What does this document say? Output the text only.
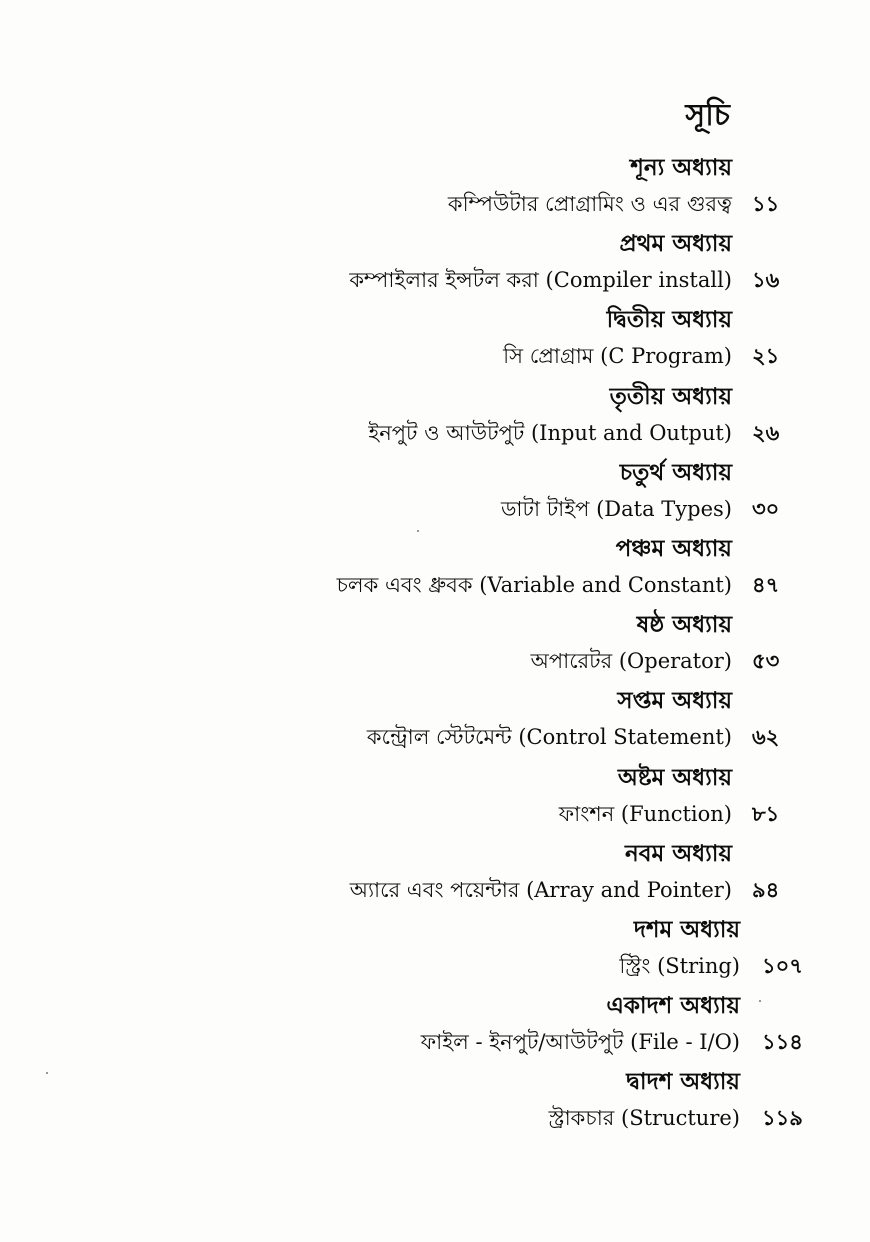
সূচি
শূন্য অধ্যায়
কম্পিউটার প্রোগ্রামিং ও এর গুরত্ব ১১
প্রথম অধ্যায়
কম্পাইলার ইন্সটল করা (Compiler install) ১৬
দ্বিতীয় অধ্যায়
সি প্রোগ্রাম (C Program) ২১
তৃতীয় অধ্যায়
ইনপুট ও আউটপুট (Input and Output) ২৬
চতুর্থ অধ্যায়
ডাটা টাইপ (Data Types) ৩০
পঞ্চম অধ্যায়
চলক এবং ধ্রুবক (Variable and Constant) ৪৭
ষষ্ঠ অধ্যায়
অপারেটর (Operator) ৫৩
সপ্তম অধ্যায়
কন্ট্রোল স্টেটমেন্ট (Control Statement) ৬২
অষ্টম অধ্যায়
ফাংশন (Function) ৮১
নবম অধ্যায়
অ্যারে এবং পয়েন্টার (Array and Pointer) ৯৪
দশম অধ্যায়
স্ট্রিং (String) ১০৭
একাদশ অধ্যায়
ফাইল - ইনপুট/আউটপুট (File - I/O) ১১৪
দ্বাদশ অধ্যায়
স্ট্রাকচার (Structure) ১১৯
